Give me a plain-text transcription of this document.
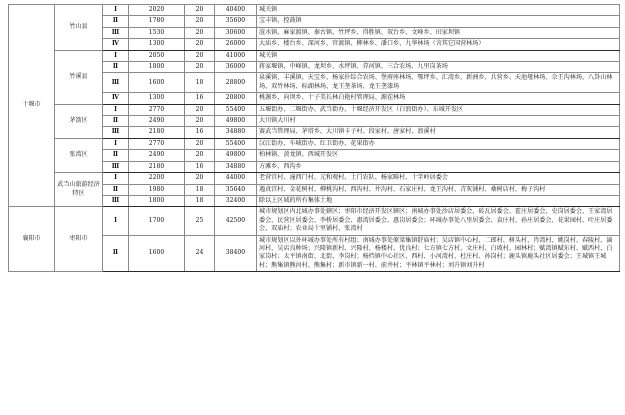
十堰市	竹山县	Ⅰ	2020	20	40400	城关镇
		Ⅱ	1780	20	35600	宝丰镇、控鼓镇
		Ⅲ	1530	20	30600	渲水镇、麻家渡镇、秦古镇、竹坪乡、得胜镇、双台乡、文峰乡、田家坝镇
		Ⅳ	1300	20	26000	大庙乡、楼台乡、深河乡、官渡镇、柳林乡、潘口乡、九华林场（含其它国营林场）
	竹溪县	Ⅰ	2050	20	41000	城关镇
		Ⅱ	1800	20	36000	蒋家堰镇、中峰镇、龙坝乡、水坪镇、弇河镇、三合农场、九里岗茶场
		Ⅲ	1600	18	28800	泉溪镇、丰溪镇、天宝乡、杨家扑综合农场、堡府座林场、鄂坪乡、汇湾乡、新洲乡、兵营乡、天池垭林场、佘王沟林场、八卦山林场、双竹林场、标湖林场、龙王垄茶场、龙王垄漆场
		Ⅳ	1300	16	20800	桃源乡、向坝乡、十子美长林白艳村管理局、源茬林场
	茅箭区	Ⅰ	2770	20	55400	五堰街办、二堰街办、武当街办、十堰经济开发区（白浪街办）、东城开发区
		Ⅱ	2490	20	49800	大川镇大川村
		Ⅲ	2180	16	34880	赛武当管理局、茅塔乡、大川镇卡子村、段家村、唐家村、浪溪村
	张湾区	Ⅰ	2770	20	55400	汉江街办、车城街办、红卫街办、花果街办
		Ⅱ	2490	20	49800	柏林镇、黄龙镇、西城开发区
		Ⅲ	2180	16	34880	方滩乡、西沟乡
	武当山旅游经济特区	Ⅰ	2200	20	44000	老营宫村、潼西门村、元和观村、土门农队、杨家畸村、十字岭居委会
		Ⅱ	1980	18	35640	遇真宫村、金花树村、柳桃沟村、西沟村、井沟村、石家庄村、龙王沟村、青灰铺村、桑树店村、梅子沟村
		Ⅲ	1800	18	32400	除以上区域的所有集体土地
襄阳市	枣阳市	Ⅰ	1700	25	42500	城市规划区内北城办事处辖区；枣阳市经济开发区辖区；南城办事处沙店居委会、砖瓦居委会、霍庄居委会、史岗居委会、王家湾居委会、民营区居委会、李桥居委会、惠湾居委会、惠岗居委会；环城办事处八里居委会、袁庄村、孙庄居委会、花果园村、叶庄居委会、双庙村；农业局十里铺村、张湾村
		Ⅱ	1600	24	38400	城市规划区以外环城办事处所有村组；南城办事处原梁集镇舒庙村；吴店镇中心村、二郎村、树头村、肖湾村、姚岗村、春陵村、滳河村、吴店良种场；兴隆镇新村、兴隆村、杨楼村、优良村；七方镇七方村、文庄村、白坡村、园林村；赋湾镇赋东村、赋西村、白家岗村；太平镇南街、北街、李岗村；杨挡镇中心社区、西村、小河湾村、杜庄村、孙岗村；鹿头镇鹿头社区居委会；王城镇王城村；熊集镇熊河村、熊集村；新市镇新一村、前井村；平林镇平林村；刘升镇刘升村
